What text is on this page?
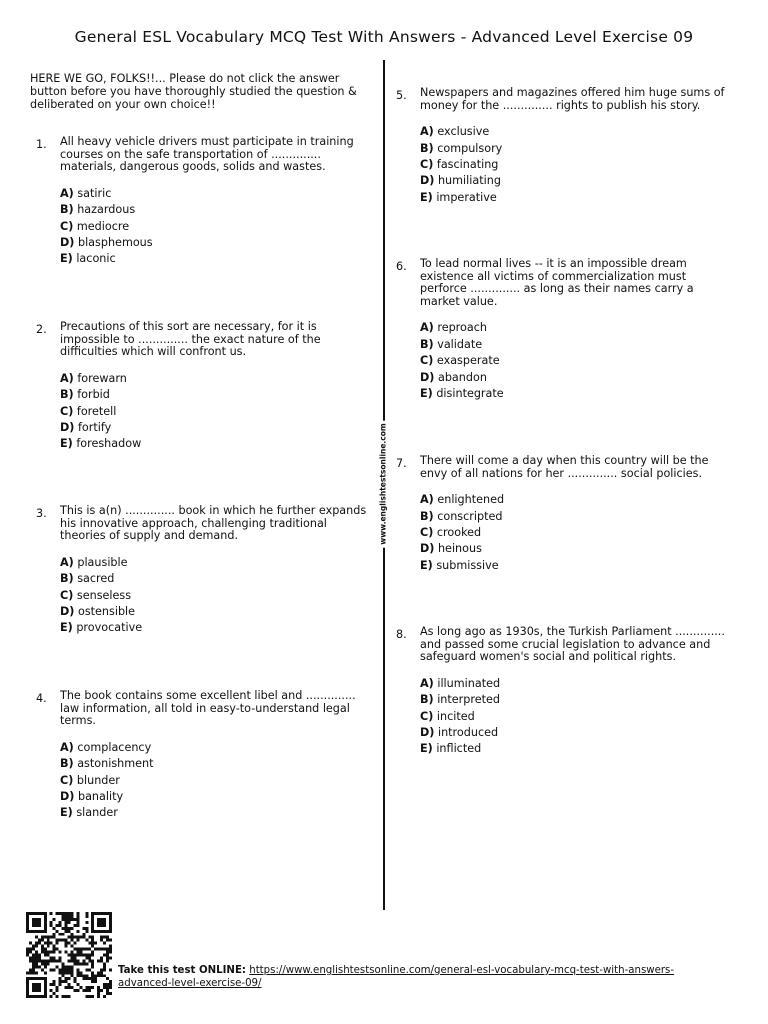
General ESL Vocabulary MCQ Test With Answers - Advanced Level Exercise 09
HERE WE GO, FOLKS!!... Please do not click the answer button before you have thoroughly studied the question & deliberated on your own choice!!
www.englishtestsonline.com
1. All heavy vehicle drivers must participate in training courses on the safe transportation of .............. materials, dangerous goods, solids and wastes.
A) satiric
B) hazardous
C) mediocre
D) blasphemous
E) laconic
2. Precautions of this sort are necessary, for it is impossible to .............. the exact nature of the difficulties which will confront us.
A) forewarn
B) forbid
C) foretell
D) fortify
E) foreshadow
3. This is a(n) .............. book in which he further expands his innovative approach, challenging traditional theories of supply and demand.
A) plausible
B) sacred
C) senseless
D) ostensible
E) provocative
4. The book contains some excellent libel and .............. law information, all told in easy-to-understand legal terms.
A) complacency
B) astonishment
C) blunder
D) banality
E) slander
5. Newspapers and magazines offered him huge sums of money for the .............. rights to publish his story.
A) exclusive
B) compulsory
C) fascinating
D) humiliating
E) imperative
6. To lead normal lives -- it is an impossible dream existence all victims of commercialization must perforce .............. as long as their names carry a market value.
A) reproach
B) validate
C) exasperate
D) abandon
E) disintegrate
7. There will come a day when this country will be the envy of all nations for her .............. social policies.
A) enlightened
B) conscripted
C) crooked
D) heinous
E) submissive
8. As long ago as 1930s, the Turkish Parliament .............. and passed some crucial legislation to advance and safeguard women's social and political rights.
A) illuminated
B) interpreted
C) incited
D) introduced
E) inflicted
Take this test ONLINE: https://www.englishtestsonline.com/general-esl-vocabulary-mcq-test-with-answers-advanced-level-exercise-09/
